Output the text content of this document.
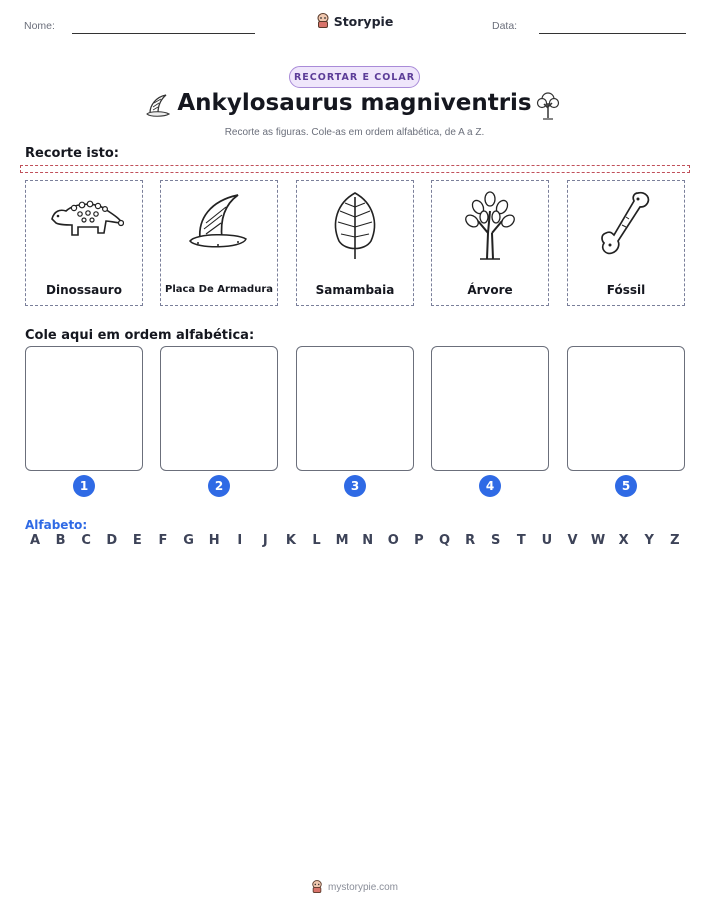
Nome:	Storypie	Data:
RECORTAR E COLAR
Ankylosaurus magniventris
Recorte as figuras. Cole-as em ordem alfabética, de A a Z.
Recorte isto:
Dinossauro	Placa De Armadura	Samambaia	Árvore	Fóssil
Cole aqui em ordem alfabética:
1	2	3	4	5
Alfabeto:
A	B	C	D	E	F	G	H	I	J	K	L	M	N	O	P	Q	R	S	T	U	V	W	X	Y	Z
mystorypie.com
